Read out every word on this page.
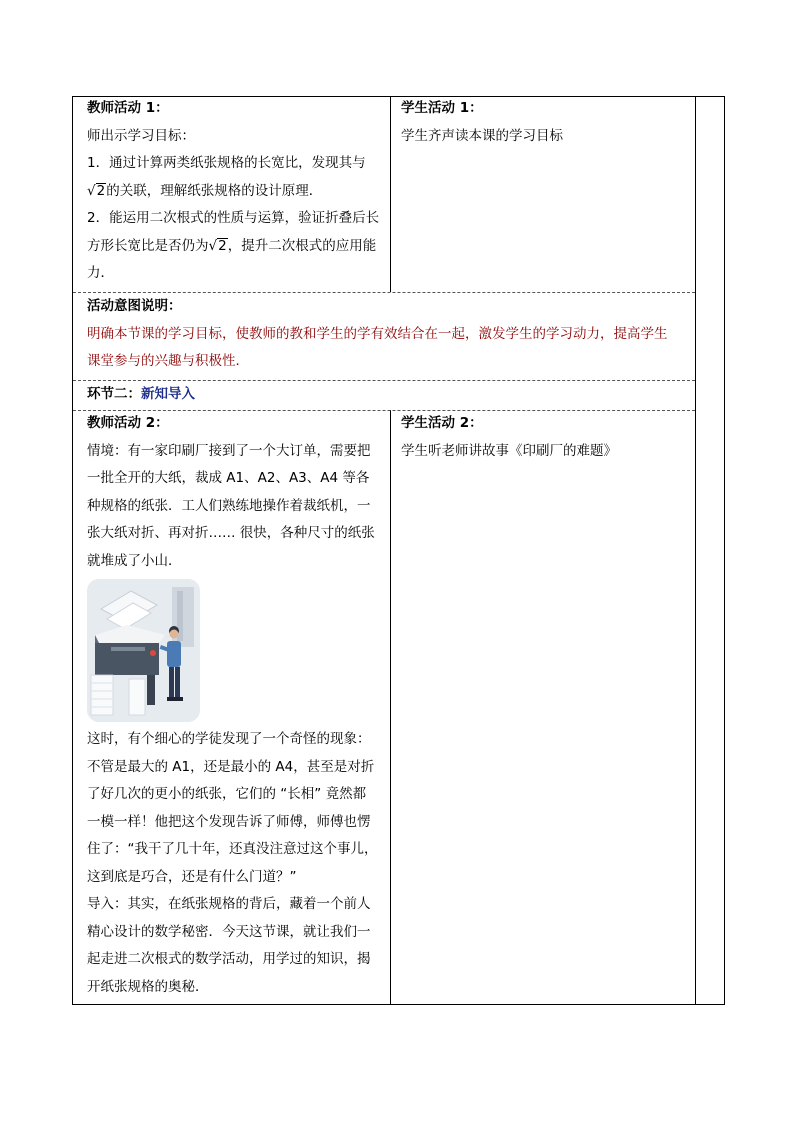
教师活动 1：
师出示学习目标：
1．通过计算两类纸张规格的长宽比，发现其与
√2的关联，理解纸张规格的设计原理．
2．能运用二次根式的性质与运算，验证折叠后长
方形长宽比是否仍为√2，提升二次根式的应用能
力．
学生活动 1：
学生齐声读本课的学习目标
活动意图说明：
明确本节课的学习目标，使教师的教和学生的学有效结合在一起，激发学生的学习动力，提高学生
课堂参与的兴趣与积极性．
环节二：新知导入
教师活动 2：
情境：有一家印刷厂接到了一个大订单，需要把
一批全开的大纸，裁成 A1、A2、A3、A4 等各
种规格的纸张．工人们熟练地操作着裁纸机，一
张大纸对折、再对折…… 很快，各种尺寸的纸张
就堆成了小山．
这时，有个细心的学徒发现了一个奇怪的现象：
不管是最大的 A1，还是最小的 A4，甚至是对折
了好几次的更小的纸张，它们的 “长相” 竟然都
一模一样！他把这个发现告诉了师傅，师傅也愣
住了：“我干了几十年，还真没注意过这个事儿，
这到底是巧合，还是有什么门道？”
导入：其实，在纸张规格的背后，藏着一个前人
精心设计的数学秘密．今天这节课，就让我们一
起走进二次根式的数学活动，用学过的知识，揭
开纸张规格的奥秘．
学生活动 2：
学生听老师讲故事《印刷厂的难题》
